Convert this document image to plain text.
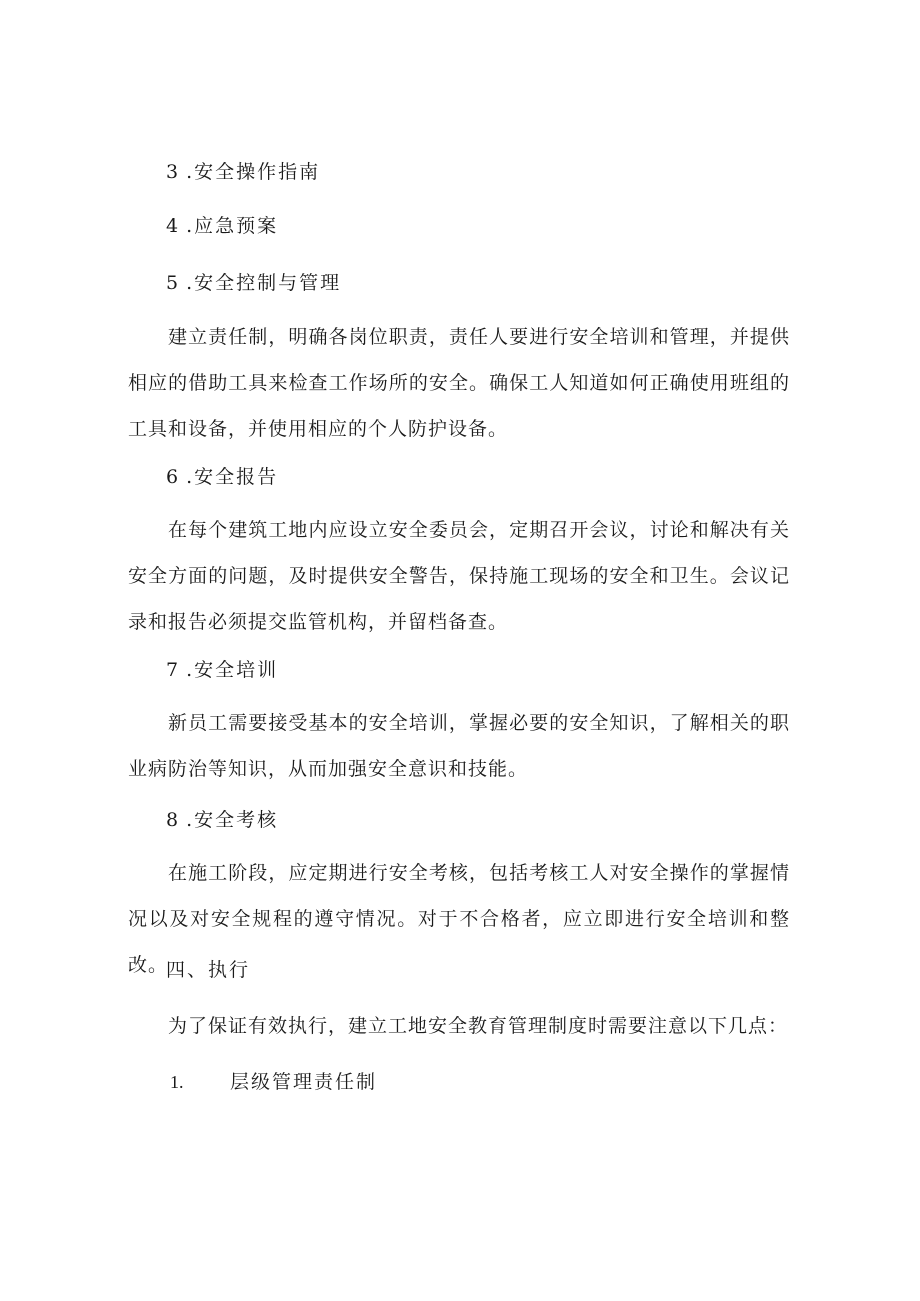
3 .安全操作指南
4 .应急预案
5 .安全控制与管理
建立责任制，明确各岗位职责，责任人要进行安全培训和管理，并提供相应的借助工具来检查工作场所的安全。确保工人知道如何正确使用班组的工具和设备，并使用相应的个人防护设备。
6 .安全报告
在每个建筑工地内应设立安全委员会，定期召开会议，讨论和解决有关安全方面的问题，及时提供安全警告，保持施工现场的安全和卫生。会议记录和报告必须提交监管机构，并留档备查。
7 .安全培训
新员工需要接受基本的安全培训，掌握必要的安全知识，了解相关的职业病防治等知识，从而加强安全意识和技能。
8 .安全考核
在施工阶段，应定期进行安全考核，包括考核工人对安全操作的掌握情况以及对安全规程的遵守情况。对于不合格者，应立即进行安全培训和整改。
四、执行
为了保证有效执行，建立工地安全教育管理制度时需要注意以下几点：
1. 层级管理责任制
